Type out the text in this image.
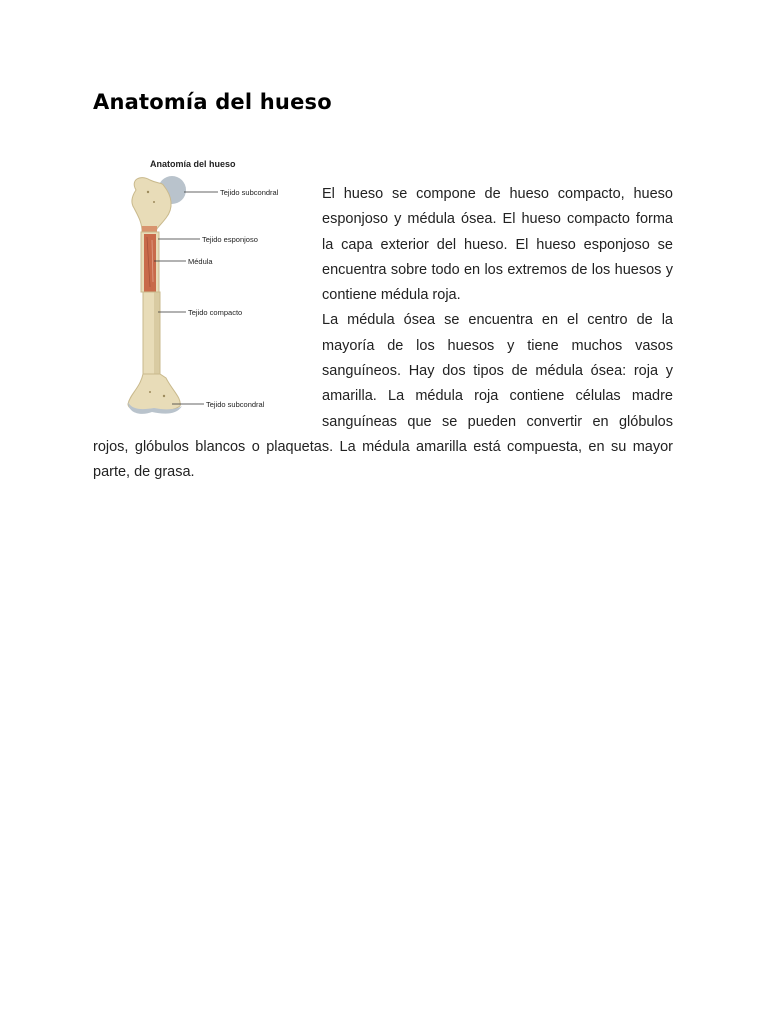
Anatomía del hueso
Anatomía del hueso
Tejido subcondral
Tejido esponjoso
Médula
Tejido compacto
Tejido subcondral

El hueso se compone de hueso compacto, hueso esponjoso y médula ósea. El hueso compacto forma la capa exterior del hueso. El hueso esponjoso se encuentra sobre todo en los extremos de los huesos y contiene médula roja.

La médula ósea se encuentra en el centro de la mayoría de los huesos y tiene muchos vasos sanguíneos. Hay dos tipos de médula ósea: roja y amarilla. La médula roja contiene células madre sanguíneas que se pueden convertir en glóbulos rojos, glóbulos blancos o plaquetas. La médula amarilla está compuesta, en su mayor parte, de grasa.
